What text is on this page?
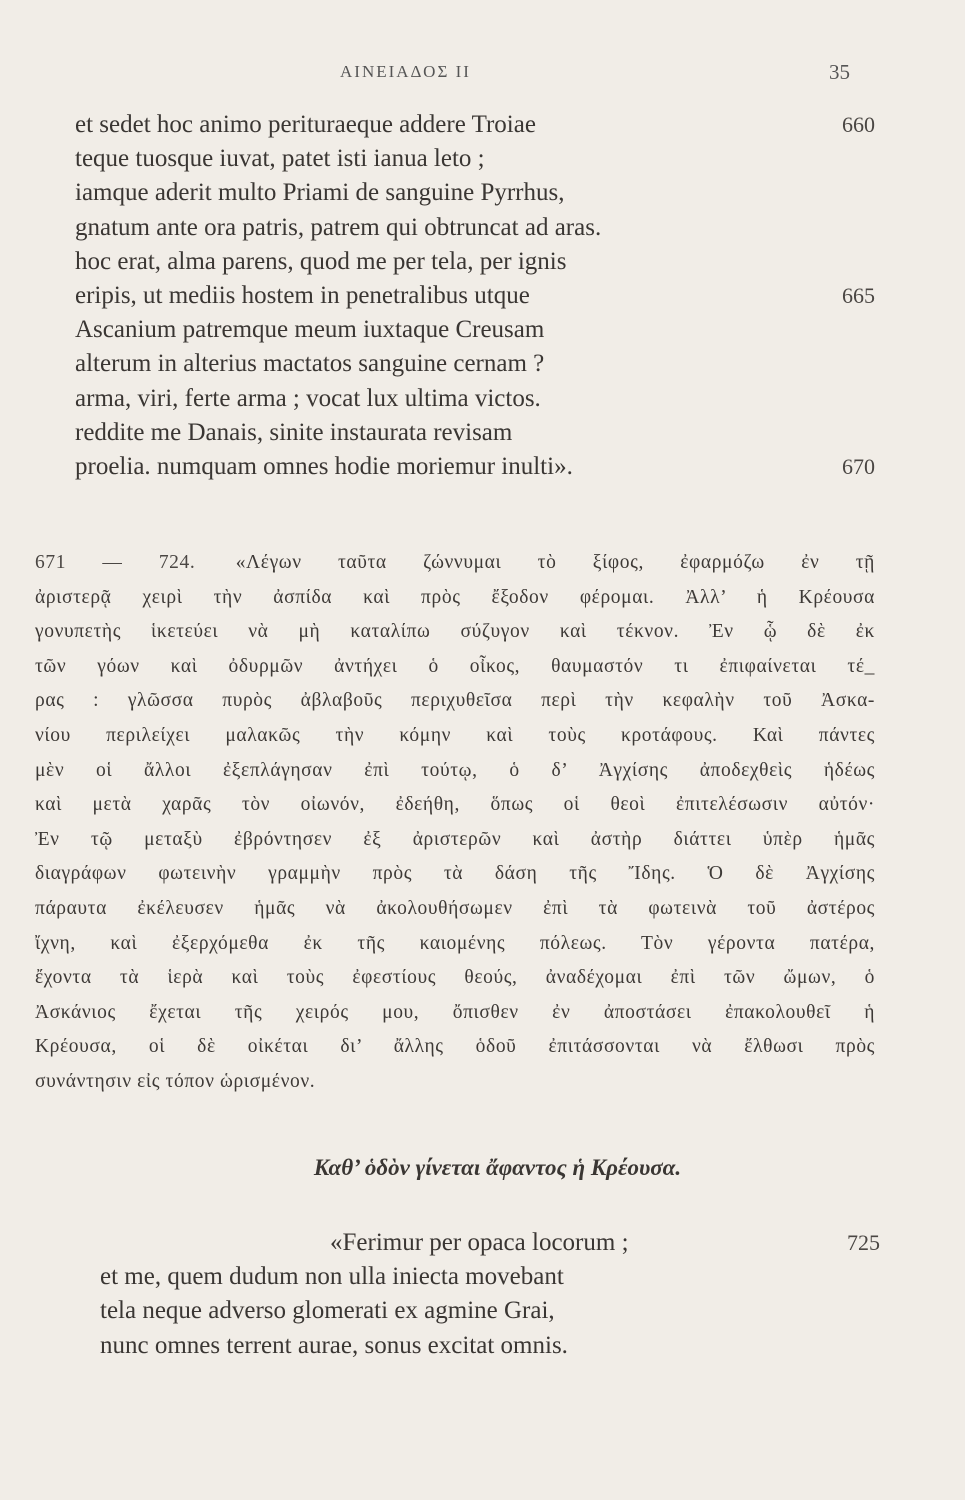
ΑΙΝΕΙΑΔΟΣ II	35
et sedet hoc animo perituraeque addere Troiae	660
teque tuosque iuvat, patet isti ianua leto ;
iamque aderit multo Priami de sanguine Pyrrhus,
gnatum ante ora patris, patrem qui obtruncat ad aras.
hoc erat, alma parens, quod me per tela, per ignis
eripis, ut mediis hostem in penetralibus utque	665
Ascanium patremque meum iuxtaque Creusam
alterum in alterius mactatos sanguine cernam ?
arma, viri, ferte arma ; vocat lux ultima victos.
reddite me Danais, sinite instaurata revisam
proelia. numquam omnes hodie moriemur inulti».	670
671 — 724. «Λέγων ταῦτα ζώννυμαι τὸ ξίφος, ἐφαρμόζω ἐν τῇ
ἀριστερᾷ χειρὶ τὴν ἀσπίδα καὶ πρὸς ἔξοδον φέρομαι. Ἀλλ’ ἡ Κρέουσα
γονυπετὴς ἱκετεύει νὰ μὴ καταλίπω σύζυγον καὶ τέκνον. Ἐν ᾧ δὲ ἐκ
τῶν γόων καὶ ὀδυρμῶν ἀντήχει ὁ οἶκος, θαυμαστόν τι ἐπιφαίνεται τέ_
ρας : γλῶσσα πυρὸς ἀβλαβοῦς περιχυθεῖσα περὶ τὴν κεφαλὴν τοῦ Ἀσκα-
νίου περιλείχει μαλακῶς τὴν κόμην καὶ τοὺς κροτάφους. Καὶ πάντες
μὲν οἱ ἄλλοι ἐξεπλάγησαν ἐπὶ τούτῳ, ὁ δ’ Ἀγχίσης ἀποδεχθεὶς ἡδέως
καὶ μετὰ χαρᾶς τὸν οἰωνόν, ἐδεήθη, ὅπως οἱ θεοὶ ἐπιτελέσωσιν αὐτόν·
Ἐν τῷ μεταξὺ ἐβρόντησεν ἐξ ἀριστερῶν καὶ ἀστὴρ διάττει ὑπὲρ ἡμᾶς
διαγράφων φωτεινὴν γραμμὴν πρὸς τὰ δάση τῆς Ἴδης. Ὁ δὲ Ἀγχίσης
πάραυτα ἐκέλευσεν ἡμᾶς νὰ ἀκολουθήσωμεν ἐπὶ τὰ φωτεινὰ τοῦ ἀστέρος
ἴχνη, καὶ ἐξερχόμεθα ἐκ τῆς καιομένης πόλεως. Τὸν γέροντα πατέρα,
ἔχοντα τὰ ἱερὰ καὶ τοὺς ἐφεστίους θεούς, ἀναδέχομαι ἐπὶ τῶν ὤμων, ὁ
Ἀσκάνιος ἔχεται τῆς χειρός μου, ὄπισθεν ἐν ἀποστάσει ἐπακολουθεῖ ἡ
Κρέουσα, οἱ δὲ οἰκέται δι’ ἄλλης ὁδοῦ ἐπιτάσσονται νὰ ἔλθωσι πρὸς
συνάντησιν εἰς τόπον ὡρισμένον.
Καθ’ ὁδὸν γίνεται ἄφαντος ἡ Κρέουσα.
«Ferimur per opaca locorum ;	725
et me, quem dudum non ulla iniecta movebant
tela neque adverso glomerati ex agmine Grai,
nunc omnes terrent aurae, sonus excitat omnis.
